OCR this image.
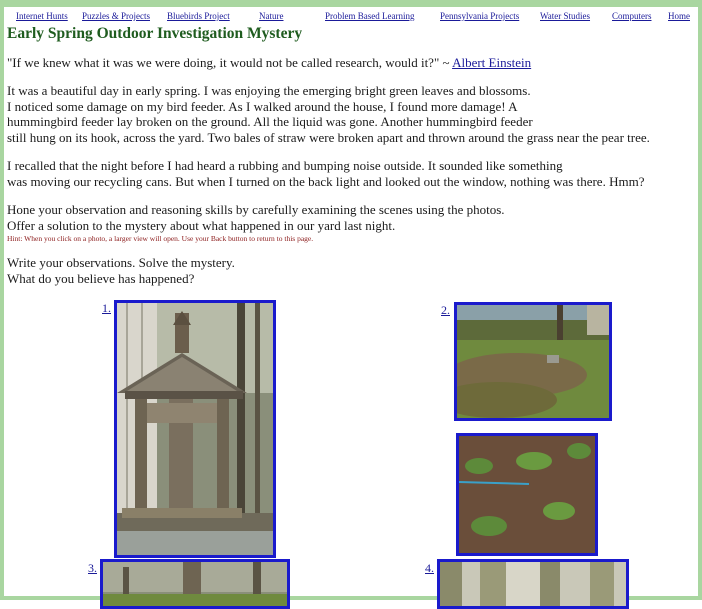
Internet Hunts Puzzles & Projects Bluebirds Project	Nature	Problem Based Learning	Pennsylvania Projects Water Studies Computers Home
Early Spring Outdoor Investigation Mystery
"If we knew what it was we were doing, it would not be called research, would it?" ~ Albert Einstein

It was a beautiful day in early spring. I was enjoying the emerging bright green leaves and blossoms.
I noticed some damage on my bird feeder. As I walked around the house, I found more damage! A
hummingbird feeder lay broken on the ground. All the liquid was gone. Another hummingbird feeder
still hung on its hook, across the yard. Two bales of straw were broken apart and thrown around the grass near the pear tree.

I recalled that the night before I had heard a rubbing and bumping noise outside. It sounded like something
was moving our recycling cans. But when I turned on the back light and looked out the window, nothing was there. Hmm?

Hone your observation and reasoning skills by carefully examining the scenes using the photos.
Offer a solution to the mystery about what happened in our yard last night.

Hint: When you click on a photo, a larger view will open. Use your Back button to return to this page.

Write your observations. Solve the mystery.
What do you believe has happened?

1.	2.
3.	4.
